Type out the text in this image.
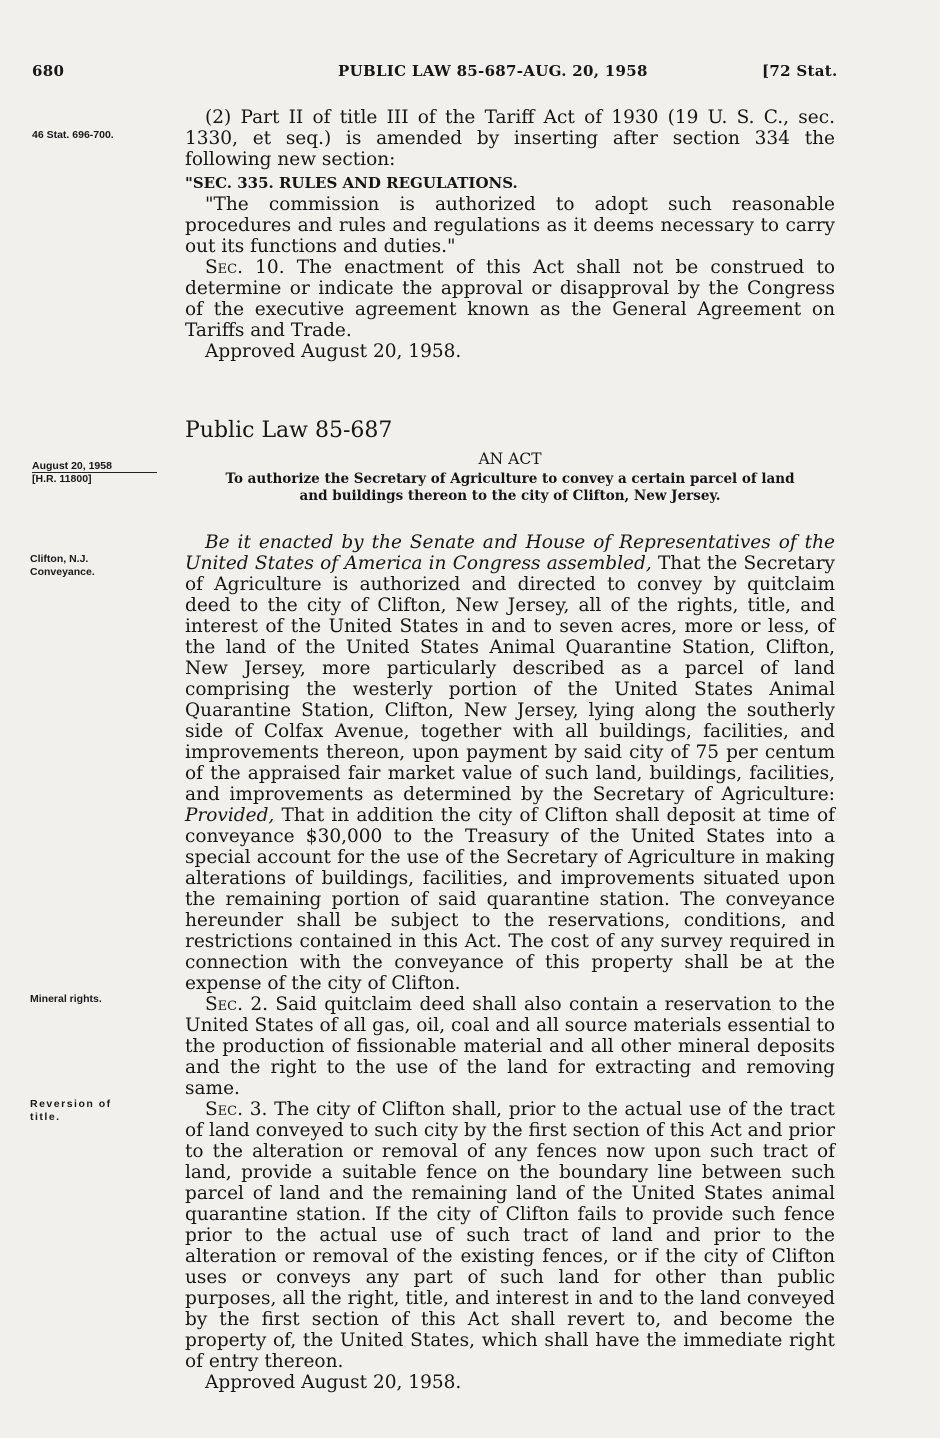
680	PUBLIC LAW 85-687-AUG. 20, 1958	[72 Stat.
46 Stat. 696-700.
August 20, 1958
[H.R. 11800]
Clifton, N.J.
Conveyance.
Mineral rights.
Reversion of
title.

(2) Part II of title III of the Tariff Act of 1930 (19 U. S. C., sec. 1330, et seq.) is amended by inserting after section 334 the following new section:

"SEC. 335. RULES AND REGULATIONS.

"The commission is authorized to adopt such reasonable procedures and rules and regulations as it deems necessary to carry out its functions and duties."

Sec. 10. The enactment of this Act shall not be construed to determine or indicate the approval or disapproval by the Congress of the executive agreement known as the General Agreement on Tariffs and Trade.

Approved August 20, 1958.

Public Law 85-687
AN ACT
To authorize the Secretary of Agriculture to convey a certain parcel of land and buildings thereon to the city of Clifton, New Jersey.

Be it enacted by the Senate and House of Representatives of the United States of America in Congress assembled, That the Secretary of Agriculture is authorized and directed to convey by quitclaim deed to the city of Clifton, New Jersey, all of the rights, title, and interest of the United States in and to seven acres, more or less, of the land of the United States Animal Quarantine Station, Clifton, New Jersey, more particularly described as a parcel of land comprising the westerly portion of the United States Animal Quarantine Station, Clifton, New Jersey, lying along the southerly side of Colfax Avenue, together with all buildings, facilities, and improvements thereon, upon payment by said city of 75 per centum of the appraised fair market value of such land, buildings, facilities, and improvements as determined by the Secretary of Agriculture: Provided, That in addition the city of Clifton shall deposit at time of conveyance $30,000 to the Treasury of the United States into a special account for the use of the Secretary of Agriculture in making alterations of buildings, facilities, and improvements situated upon the remaining portion of said quarantine station. The conveyance hereunder shall be subject to the reservations, conditions, and restrictions contained in this Act. The cost of any survey required in connection with the conveyance of this property shall be at the expense of the city of Clifton.

Sec. 2. Said quitclaim deed shall also contain a reservation to the United States of all gas, oil, coal and all source materials essential to the production of fissionable material and all other mineral deposits and the right to the use of the land for extracting and removing same.

Sec. 3. The city of Clifton shall, prior to the actual use of the tract of land conveyed to such city by the first section of this Act and prior to the alteration or removal of any fences now upon such tract of land, provide a suitable fence on the boundary line between such parcel of land and the remaining land of the United States animal quarantine station. If the city of Clifton fails to provide such fence prior to the actual use of such tract of land and prior to the alteration or removal of the existing fences, or if the city of Clifton uses or conveys any part of such land for other than public purposes, all the right, title, and interest in and to the land conveyed by the first section of this Act shall revert to, and become the property of, the United States, which shall have the immediate right of entry thereon.

Approved August 20, 1958.
